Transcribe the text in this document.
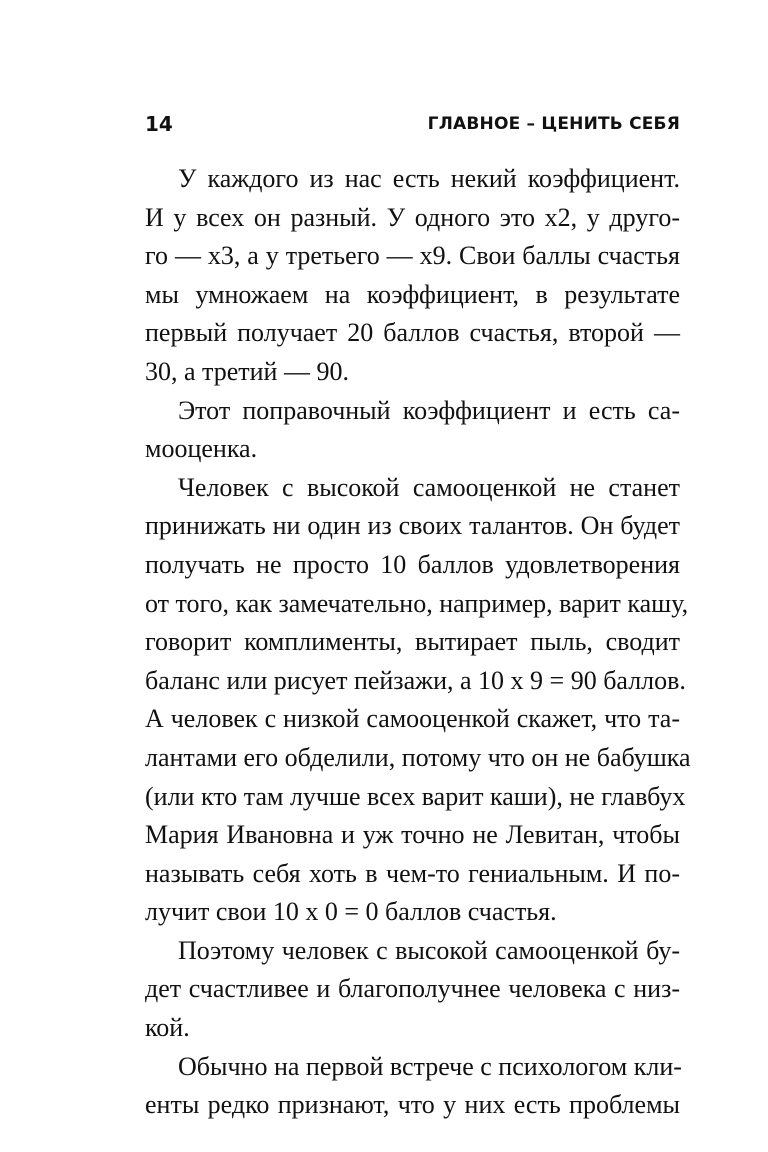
14	ГЛАВНОЕ – ЦЕНИТЬ СЕБЯ

У каждого из нас есть некий коэффициент.
И у всех он разный. У одного это х2, у друго-
го — х3, а у третьего — х9. Свои баллы счастья
мы умножаем на коэффициент, в результате
первый получает 20 баллов счастья, второй —
30, а третий — 90.

Этот поправочный коэффициент и есть са-
мооценка.

Человек с высокой самооценкой не станет
принижать ни один из своих талантов. Он будет
получать не просто 10 баллов удовлетворения
от того, как замечательно, например, варит кашу,
говорит комплименты, вытирает пыль, сводит
баланс или рисует пейзажи, а 10 х 9 = 90 баллов.
А человек с низкой самооценкой скажет, что та-
лантами его обделили, потому что он не бабушка
(или кто там лучше всех варит каши), не главбух
Мария Ивановна и уж точно не Левитан, чтобы
называть себя хоть в чем-то гениальным. И по-
лучит свои 10 х 0 = 0 баллов счастья.

Поэтому человек с высокой самооценкой бу-
дет счастливее и благополучнее человека с низ-
кой.

Обычно на первой встрече с психологом кли-
енты редко признают, что у них есть проблемы
